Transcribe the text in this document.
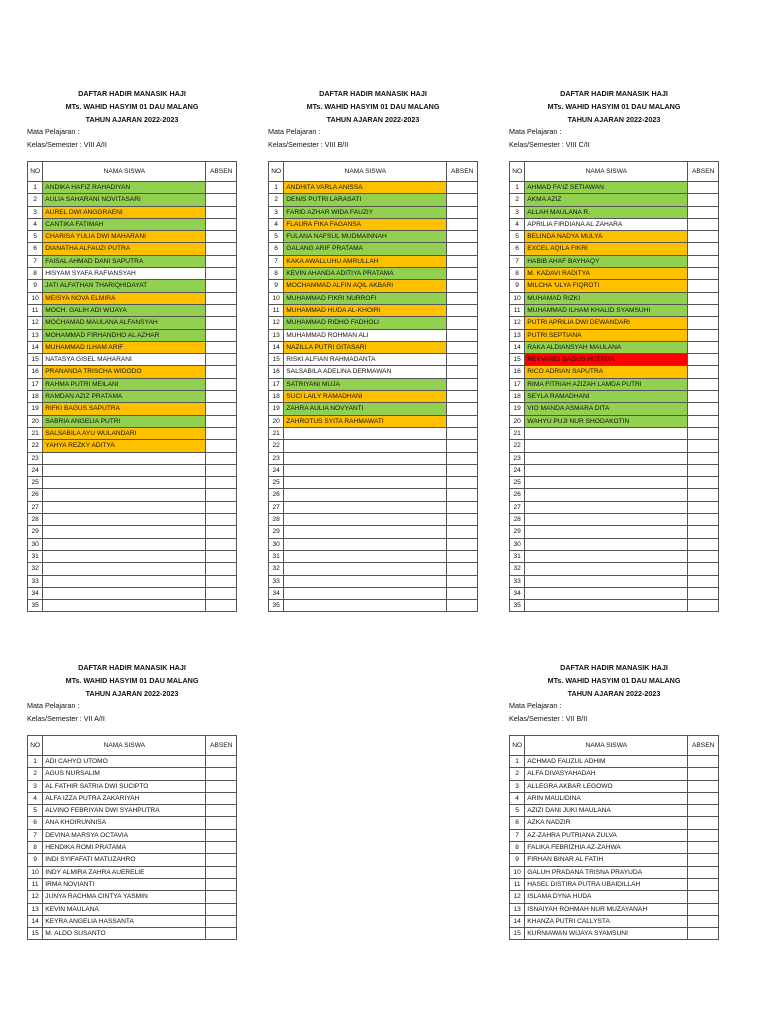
DAFTAR HADIR MANASIK HAJI
MTs. WAHID HASYIM 01 DAU MALANG
TAHUN AJARAN 2022-2023
Mata Pelajaran :
Kelas/Semester : VIII A/II
NO	NAMA SISWA	ABSEN
1	ANDIKA HAFIZ RAHADIYAN	
2	AULIA SAHARANI NOVITASARI	
3	AUREL DWI ANGGRAENI	
4	CANTIKA FATIMAH	
5	CHARISA YULIA DWI MAHARANI	
6	DIANATHA ALFAUZI PUTRA	
7	FAISAL AHMAD DANI SAPUTRA	
8	HISYAM SYAFA RAFIANSYAH	
9	JATI ALFATHAN THARIQHIDAYAT	
10	MEISYA NOVA ELMIRA	
11	MOCH. GALIH ADI WIJAYA	
12	MOCHAMAD MAULANA ALFANSYAH	
13	MOHAMMAD FIRHANDHO AL AZHAR	
14	MUHAMMAD ILHAM ARIF	
15	NATASYA GISEL MAHARANI	
16	PRANANDA TRISCHA WIDODO	
17	RAHMA PUTRI MEILANI	
18	RAMDAN AZIZ PRATAMA	
19	RIFKI BAGUS SAPUTRA	
20	SABRIA ANGELIA PUTRI	
21	SALSABILA AYU WULANDARI	
22	YAHYA REZKY ADITYA	
23		
24		
25		
26		
27		
28		
29		
30		
31		
32		
33		
34		
35		
DAFTAR HADIR MANASIK HAJI
MTs. WAHID HASYIM 01 DAU MALANG
TAHUN AJARAN 2022-2023
Mata Pelajaran :
Kelas/Semester : VIII B/II
NO	NAMA SISWA	ABSEN
1	ANDHITA VARLA ANISSA	
2	DENIS PUTRI LARASATI	
3	FARID AZHAR WIDA FAUZIY	
4	FLAURA FIKA FAGANSA	
5	FULANA NAFSUL MUDMAINNAH	
6	GALANG ARIF PRATAMA	
7	KAKA AWALLUHU AMRULLAH	
8	KEVIN AHANDA ADITIYA PRATAMA	
9	MOCHAMMAD ALFIN AQIL AKBARI	
10	MUHAMMAD FIKRI NURROFI	
11	MUHAMMAD HUDA AL-KHOIRI	
12	MUHAMMAD RIDHO FADHOLI	
13	MUHAMMAD ROHMAN ALI	
14	NAZILLA PUTRI GITASARI	
15	RISKI ALFIAN RAHMADANTA	
16	SALSABILA ADELINA DERMAWAN	
17	SATRIYANI MUJA	
18	SUCI LAILY RAMADHANI	
19	ZAHRA AULIA NOVYANTI	
20	ZAHROTUS SYITA RAHMAWATI	
21		
22		
23		
24		
25		
26		
27		
28		
29		
30		
31		
32		
33		
34		
35		
DAFTAR HADIR MANASIK HAJI
MTs. WAHID HASYIM 01 DAU MALANG
TAHUN AJARAN 2022-2023
Mata Pelajaran :
Kelas/Semester : VIII C/II
NO	NAMA SISWA	ABSEN
1	AHMAD FA'IZ SETIAWAN	
2	AKMA AZIZ	
3	ALLAH MAULANA R.	
4	APRILIA FIRDIANA AL ZAHARA	
5	BELINDA NADYA MULYA	
6	EXCEL AQILA FIKRI	
7	HABIB AHAF BAYHAQY	
8	M. KADAVI RADITYA	
9	MILCHA 'ULYA FIQROTI	
10	MUHAMAD RIZKI	
11	MUHAMMAD ILHAM KHALID SYAMSUHI	
12	PUTRI APRILIA DWI DEWANDARI	
13	PUTRI SEPTIANA	
14	RAKA ALDIANSYAH MAULANA	
15	REYVANDI BAGUS HUTAMA	
16	RICO ADRIAN SAPUTRA	
17	RIMA FITRIAH AZIZAH LAMDA PUTRI	
18	SEYLA RAMADHANI	
19	VIO MANDA ASMARA DITA	
20	WAHYU PUJI NUR SHODAKOTIN	
21		
22		
23		
24		
25		
26		
27		
28		
29		
30		
31		
32		
33		
34		
35		
DAFTAR HADIR MANASIK HAJI
MTs. WAHID HASYIM 01 DAU MALANG
TAHUN AJARAN 2022-2023
Mata Pelajaran :
Kelas/Semester : VII A/II
NO	NAMA SISWA	ABSEN
1	ADI CAHYO UTOMO	
2	AGUS NURSALIM	
3	AL FATHIR SATRIA DWI SUCIPTO	
4	ALFA IZZA PUTRA ZAKARIYAH	
5	ALVINO FEBRIYAN DWI SYAHPUTRA	
6	ANA KHOIRUNNISA	
7	DEVINA MARSYA OCTAVIA	
8	HENDIKA ROMI PRATAMA	
9	INDI SYIFAFATI MATUZAHRO	
10	INDY ALMIRA ZAHRA AUERELIE	
11	IRMA NOVIANTI	
12	JUNYA RACHMA CINTYA YASMIN	
13	KEVIN MAULANA	
14	KEYRA ANGELIA HASSANTA	
15	M. ALDO SUSANTO	
DAFTAR HADIR MANASIK HAJI
MTs. WAHID HASYIM 01 DAU MALANG
TAHUN AJARAN 2022-2023
Mata Pelajaran :
Kelas/Semester : VII B/II
NO	NAMA SISWA	ABSEN
1	ACHMAD FAUZUL ADHIM	
2	ALFA DIVASYAHADAH	
3	ALLEGRA AKBAR LEGOWO	
4	ARIN MAULIDINA	
5	AZIZI DANI JUKI MAULANA	
6	AZKA NADZIR	
7	AZ-ZAHRA PUTRIANA ZULVA	
8	FALIKA FEBRIZHIA AZ-ZAHWA	
9	FIRHAN BINAR AL FATIH	
10	GALUH PRADANA TRISNA PRAYUDA	
11	HASEL DISTIRA PUTRA UBAIDILLAH	
12	ISLAMA DYNA HUDA	
13	ISNAIYAH ROHMAH NUR MUZAYANAH	
14	KHANZA PUTRI CALLYSTA	
15	KURNIAWAN WIJAYA SYAMSUNI	
